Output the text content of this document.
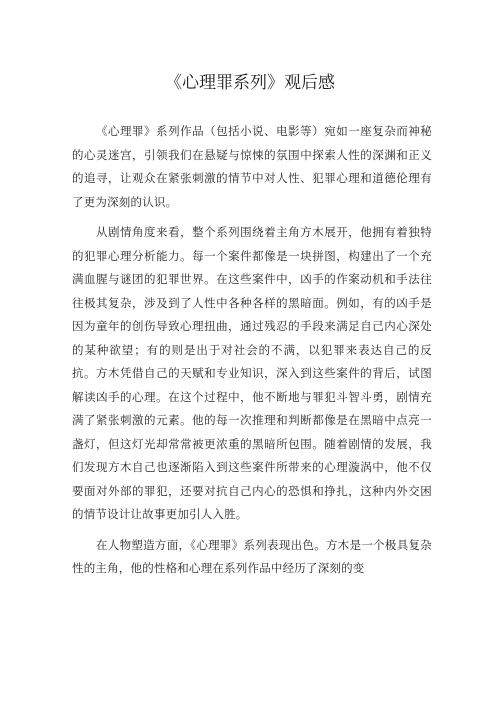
《心理罪系列》观后感

《心理罪》系列作品（包括小说、电影等）宛如一座复杂而神秘的心灵迷宫，引领我们在悬疑与惊悚的氛围中探索人性的深渊和正义的追寻，让观众在紧张刺激的情节中对人性、犯罪心理和道德伦理有了更为深刻的认识。

从剧情角度来看，整个系列围绕着主角方木展开，他拥有着独特的犯罪心理分析能力。每一个案件都像是一块拼图，构建出了一个充满血腥与谜团的犯罪世界。在这些案件中，凶手的作案动机和手法往往极其复杂，涉及到了人性中各种各样的黑暗面。例如，有的凶手是因为童年的创伤导致心理扭曲，通过残忍的手段来满足自己内心深处的某种欲望；有的则是出于对社会的不满，以犯罪来表达自己的反抗。方木凭借自己的天赋和专业知识，深入到这些案件的背后，试图解读凶手的心理。在这个过程中，他不断地与罪犯斗智斗勇，剧情充满了紧张刺激的元素。他的每一次推理和判断都像是在黑暗中点亮一盏灯，但这灯光却常常被更浓重的黑暗所包围。随着剧情的发展，我们发现方木自己也逐渐陷入到这些案件所带来的心理漩涡中，他不仅要面对外部的罪犯，还要对抗自己内心的恐惧和挣扎，这种内外交困的情节设计让故事更加引人入胜。

在人物塑造方面，《心理罪》系列表现出色。方木是一个极具复杂性的主角，他的性格和心理在系列作品中经历了深刻的变
